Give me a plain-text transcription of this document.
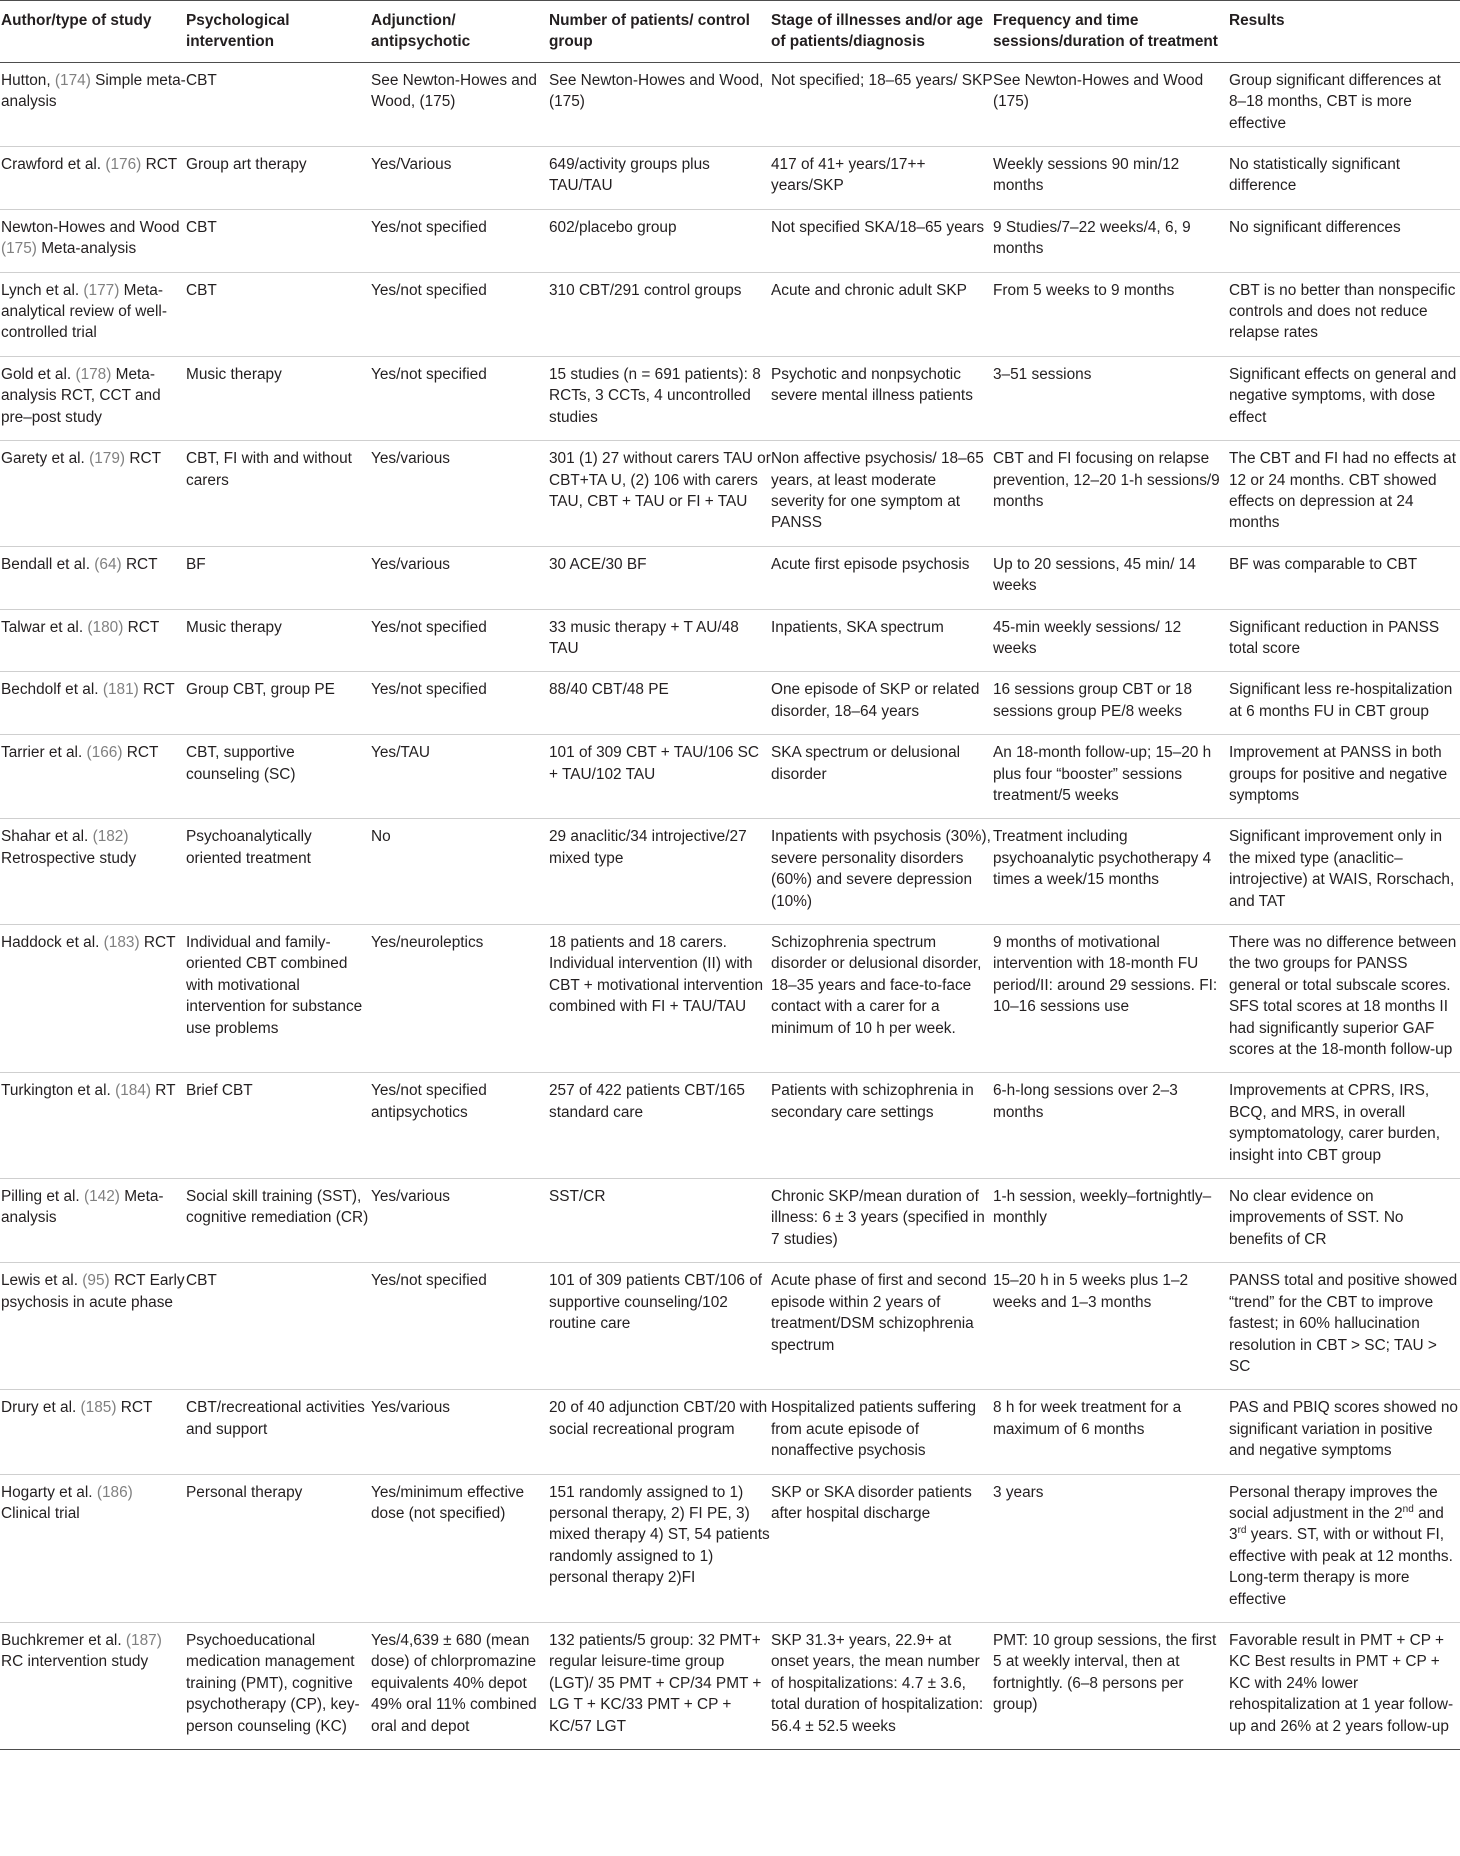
Author/type of study	Psychological intervention	Adjunction/ antipsychotic	Number of patients/ control group	Stage of illnesses and/or age of patients/diagnosis	Frequency and time sessions/duration of treatment	Results
Hutton, (174) Simple meta-analysis	CBT	See Newton-Howes and Wood, (175)	See Newton-Howes and Wood, (175)	Not specified; 18–65 years/ SKP	See Newton-Howes and Wood (175)	Group significant differences at 8–18 months, CBT is more effective
Crawford et al. (176) RCT	Group art therapy	Yes/Various	649/activity groups plus TAU/TAU	417 of 41+ years/17++ years/SKP	Weekly sessions 90 min/12 months	No statistically significant difference
Newton-Howes and Wood (175) Meta-analysis	CBT	Yes/not specified	602/placebo group	Not specified SKA/18–65 years	9 Studies/7–22 weeks/4, 6, 9 months	No significant differences
Lynch et al. (177) Meta-analytical review of well-controlled trial	CBT	Yes/not specified	310 CBT/291 control groups	Acute and chronic adult SKP	From 5 weeks to 9 months	CBT is no better than nonspecific controls and does not reduce relapse rates
Gold et al. (178) Meta-analysis RCT, CCT and pre–post study	Music therapy	Yes/not specified	15 studies (n = 691 patients): 8 RCTs, 3 CCTs, 4 uncontrolled studies	Psychotic and nonpsychotic severe mental illness patients	3–51 sessions	Significant effects on general and negative symptoms, with dose effect
Garety et al. (179) RCT	CBT, FI with and without carers	Yes/various	301 (1) 27 without carers TAU or CBT+TA U, (2) 106 with carers TAU, CBT + TAU or FI + TAU	Non affective psychosis/ 18–65 years, at least moderate severity for one symptom at PANSS	CBT and FI focusing on relapse prevention, 12–20 1-h sessions/9 months	The CBT and FI had no effects at 12 or 24 months. CBT showed effects on depression at 24 months
Bendall et al. (64) RCT	BF	Yes/various	30 ACE/30 BF	Acute first episode psychosis	Up to 20 sessions, 45 min/ 14 weeks	BF was comparable to CBT
Talwar et al. (180) RCT	Music therapy	Yes/not specified	33 music therapy + T AU/48 TAU	Inpatients, SKA spectrum	45-min weekly sessions/ 12 weeks	Significant reduction in PANSS total score
Bechdolf et al. (181) RCT	Group CBT, group PE	Yes/not specified	88/40 CBT/48 PE	One episode of SKP or related disorder, 18–64 years	16 sessions group CBT or 18 sessions group PE/8 weeks	Significant less re-hospitalization at 6 months FU in CBT group
Tarrier et al. (166) RCT	CBT, supportive counseling (SC)	Yes/TAU	101 of 309 CBT + TAU/106 SC + TAU/102 TAU	SKA spectrum or delusional disorder	An 18-month follow-up; 15–20 h plus four “booster” sessions treatment/5 weeks	Improvement at PANSS in both groups for positive and negative symptoms
Shahar et al. (182) Retrospective study	Psychoanalytically oriented treatment	No	29 anaclitic/34 introjective/27 mixed type	Inpatients with psychosis (30%), severe personality disorders (60%) and severe depression (10%)	Treatment including psychoanalytic psychotherapy 4 times a week/15 months	Significant improvement only in the mixed type (anaclitic–introjective) at WAIS, Rorschach, and TAT
Haddock et al. (183) RCT	Individual and family-oriented CBT combined with motivational intervention for substance use problems	Yes/neuroleptics	18 patients and 18 carers. Individual intervention (II) with CBT + motivational intervention combined with FI + TAU/TAU	Schizophrenia spectrum disorder or delusional disorder, 18–35 years and face-to-face contact with a carer for a minimum of 10 h per week.	9 months of motivational intervention with 18-month FU period/II: around 29 sessions. FI: 10–16 sessions use	There was no difference between the two groups for PANSS general or total subscale scores. SFS total scores at 18 months II had significantly superior GAF scores at the 18-month follow-up
Turkington et al. (184) RT	Brief CBT	Yes/not specified antipsychotics	257 of 422 patients CBT/165 standard care	Patients with schizophrenia in secondary care settings	6-h-long sessions over 2–3 months	Improvements at CPRS, IRS, BCQ, and MRS, in overall symptomatology, carer burden, insight into CBT group
Pilling et al. (142) Meta-analysis	Social skill training (SST), cognitive remediation (CR)	Yes/various	SST/CR	Chronic SKP/mean duration of illness: 6 ± 3 years (specified in 7 studies)	1-h session, weekly–fortnightly–monthly	No clear evidence on improvements of SST. No benefits of CR
Lewis et al. (95) RCT Early psychosis in acute phase	CBT	Yes/not specified	101 of 309 patients CBT/106 of supportive counseling/102 routine care	Acute phase of first and second episode within 2 years of treatment/DSM schizophrenia spectrum	15–20 h in 5 weeks plus 1–2 weeks and 1–3 months	PANSS total and positive showed “trend” for the CBT to improve fastest; in 60% hallucination resolution in CBT > SC; TAU > SC
Drury et al. (185) RCT	CBT/recreational activities and support	Yes/various	20 of 40 adjunction CBT/20 with social recreational program	Hospitalized patients suffering from acute episode of nonaffective psychosis	8 h for week treatment for a maximum of 6 months	PAS and PBIQ scores showed no significant variation in positive and negative symptoms
Hogarty et al. (186) Clinical trial	Personal therapy	Yes/minimum effective dose (not specified)	151 randomly assigned to 1) personal therapy, 2) FI PE, 3) mixed therapy 4) ST, 54 patients randomly assigned to 1) personal therapy 2)FI	SKP or SKA disorder patients after hospital discharge	3 years	Personal therapy improves the social adjustment in the 2nd and 3rd years. ST, with or without FI, effective with peak at 12 months. Long-term therapy is more effective
Buchkremer et al. (187) RC intervention study	Psychoeducational medication management training (PMT), cognitive psychotherapy (CP), key-person counseling (KC)	Yes/4,639 ± 680 (mean dose) of chlorpromazine equivalents 40% depot 49% oral 11% combined oral and depot	132 patients/5 group: 32 PMT+ regular leisure-time group (LGT)/ 35 PMT + CP/34 PMT + LG T + KC/33 PMT + CP + KC/57 LGT	SKP 31.3+ years, 22.9+ at onset years, the mean number of hospitalizations: 4.7 ± 3.6, total duration of hospitalization: 56.4 ± 52.5 weeks	PMT: 10 group sessions, the first 5 at weekly interval, then at fortnightly. (6–8 persons per group)	Favorable result in PMT + CP + KC Best results in PMT + CP + KC with 24% lower rehospitalization at 1 year follow-up and 26% at 2 years follow-up
